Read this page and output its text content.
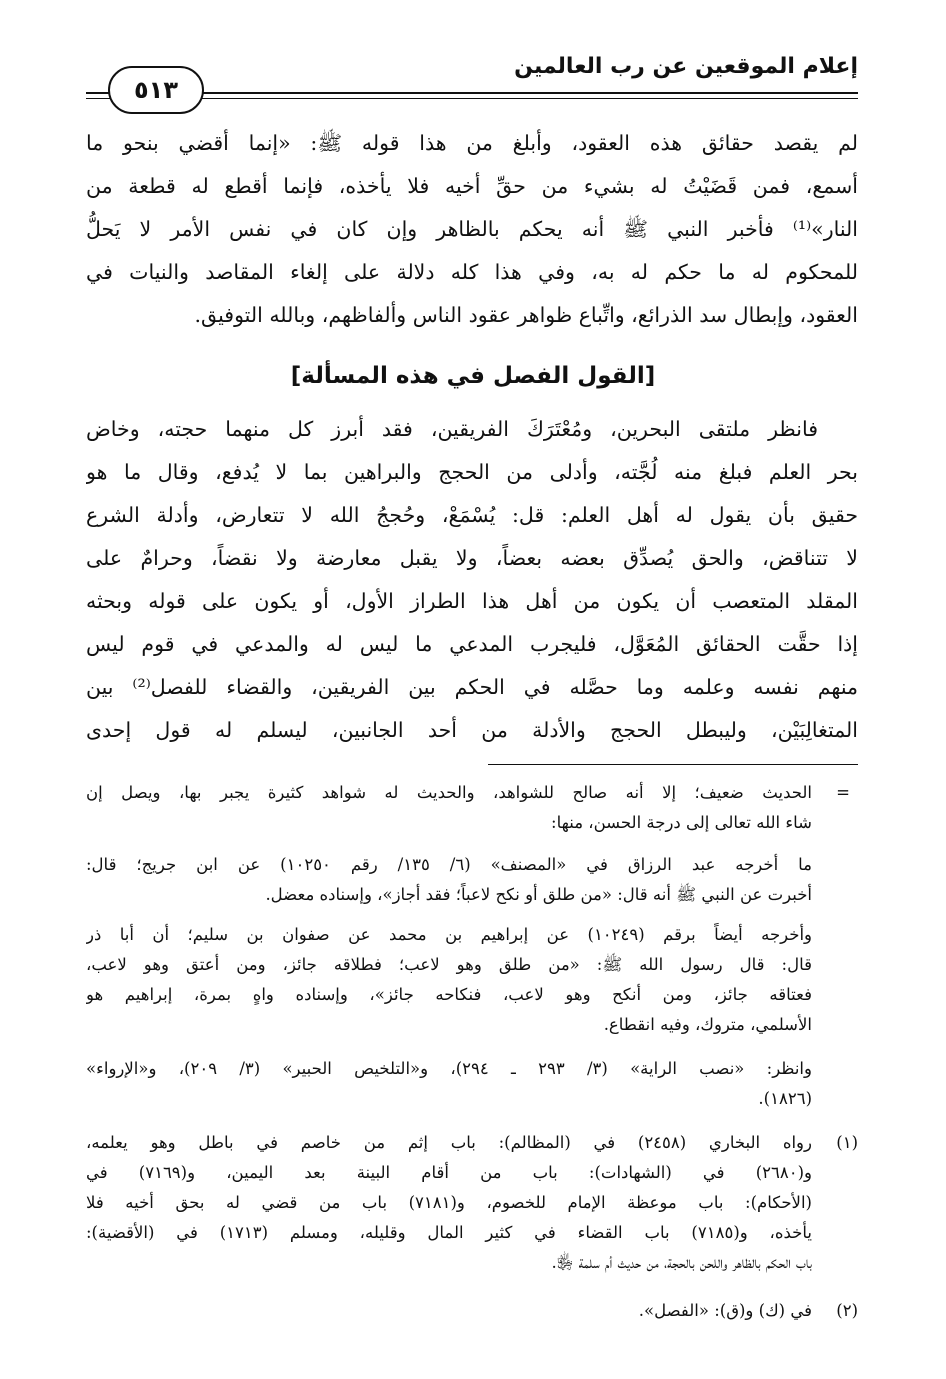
إعلام الموقعين عن رب العالمين
٥١٣
لم يقصد حقائق هذه العقود، وأبلغ من هذا قوله ﷺ: «إنما أقضي بنحو ما
أسمع، فمن قَضَيْتُ له بشيء من حقِّ أخيه فلا يأخذه، فإنما أقطع له قطعة من
النار»⁽¹⁾ فأخبر النبي ﷺ أنه يحكم بالظاهر وإن كان في نفس الأمر لا يَحلُّ
للمحكوم له ما حكم له به، وفي هذا كله دلالة على إلغاء المقاصد والنيات في
العقود، وإبطال سد الذرائع، واتِّباع ظواهر عقود الناس وألفاظهم، وبالله التوفيق.
[القول الفصل في هذه المسألة]
فانظر ملتقى البحرين، ومُعْتَرَكَ الفريقين، فقد أبرز كل منهما حجته، وخاض
بحر العلم فبلغ منه لُجَّته، وأدلى من الحجج والبراهين بما لا يُدفع، وقال ما هو
حقيق بأن يقول له أهل العلم: قل: يُسْمَعْ، وحُججُ الله لا تتعارض، وأدلة الشرع
لا تتناقض، والحق يُصدِّق بعضه بعضاً، ولا يقبل معارضة ولا نقضاً، وحرامٌ على
المقلد المتعصب أن يكون من أهل هذا الطراز الأول، أو يكون على قوله وبحثه
إذا حقَّت الحقائق المُعَوَّل، فليجرب المدعي ما ليس له والمدعي في قوم ليس
منهم نفسه وعلمه وما حصَّله في الحكم بين الفريقين، والقضاء للفصل⁽²⁾ بين
المتغالِبَيْن، وليبطل الحجج والأدلة من أحد الجانبين، ليسلم له قول إحدى
=
الحديث ضعيف؛ إلا أنه صالح للشواهد، والحديث له شواهد كثيرة يجبر بها، ويصل إن
شاء الله تعالى إلى درجة الحسن، منها:
ما أخرجه عبد الرزاق في «المصنف» (٦/ ١٣٥/ رقم ١٠٢٥٠) عن ابن جريج؛ قال:
أخبرت عن النبي ﷺ أنه قال: «من طلق أو نكح لاعباً؛ فقد أجاز»، وإسناده معضل.
وأخرجه أيضاً برقم (١٠٢٤٩) عن إبراهيم بن محمد عن صفوان بن سليم؛ أن أبا ذر
قال: قال رسول الله ﷺ: «من طلق وهو لاعب؛ فطلاقه جائز، ومن أعتق وهو لاعب،
فعتاقه جائز، ومن أنكح وهو لاعب، فنكاحه جائز»، وإسناده واهٍ بمرة، إبراهيم هو
الأسلمي، متروك، وفيه انقطاع.
وانظر: «نصب الراية» (٣/ ٢٩٣ ـ ٢٩٤)، و«التلخيص الحبير» (٣/ ٢٠٩)، و«الإرواء»
(١٨٢٦).
(١)
رواه البخاري (٢٤٥٨) في (المظالم): باب إثم من خاصم في باطل وهو يعلمه،
و(٢٦٨٠) في (الشهادات): باب من أقام البينة بعد اليمين، و(٧١٦٩) في
(الأحكام): باب موعظة الإمام للخصوم، و(٧١٨١) باب من قضي له بحق أخيه فلا
يأخذه، و(٧١٨٥) باب القضاء في كثير المال وقليله، ومسلم (١٧١٣) في (الأقضية):
باب الحكم بالظاهر واللحن بالحجة، من حديث أم سلمة ﵂.
(٢)
في (ك) و(ق): «الفصل».
